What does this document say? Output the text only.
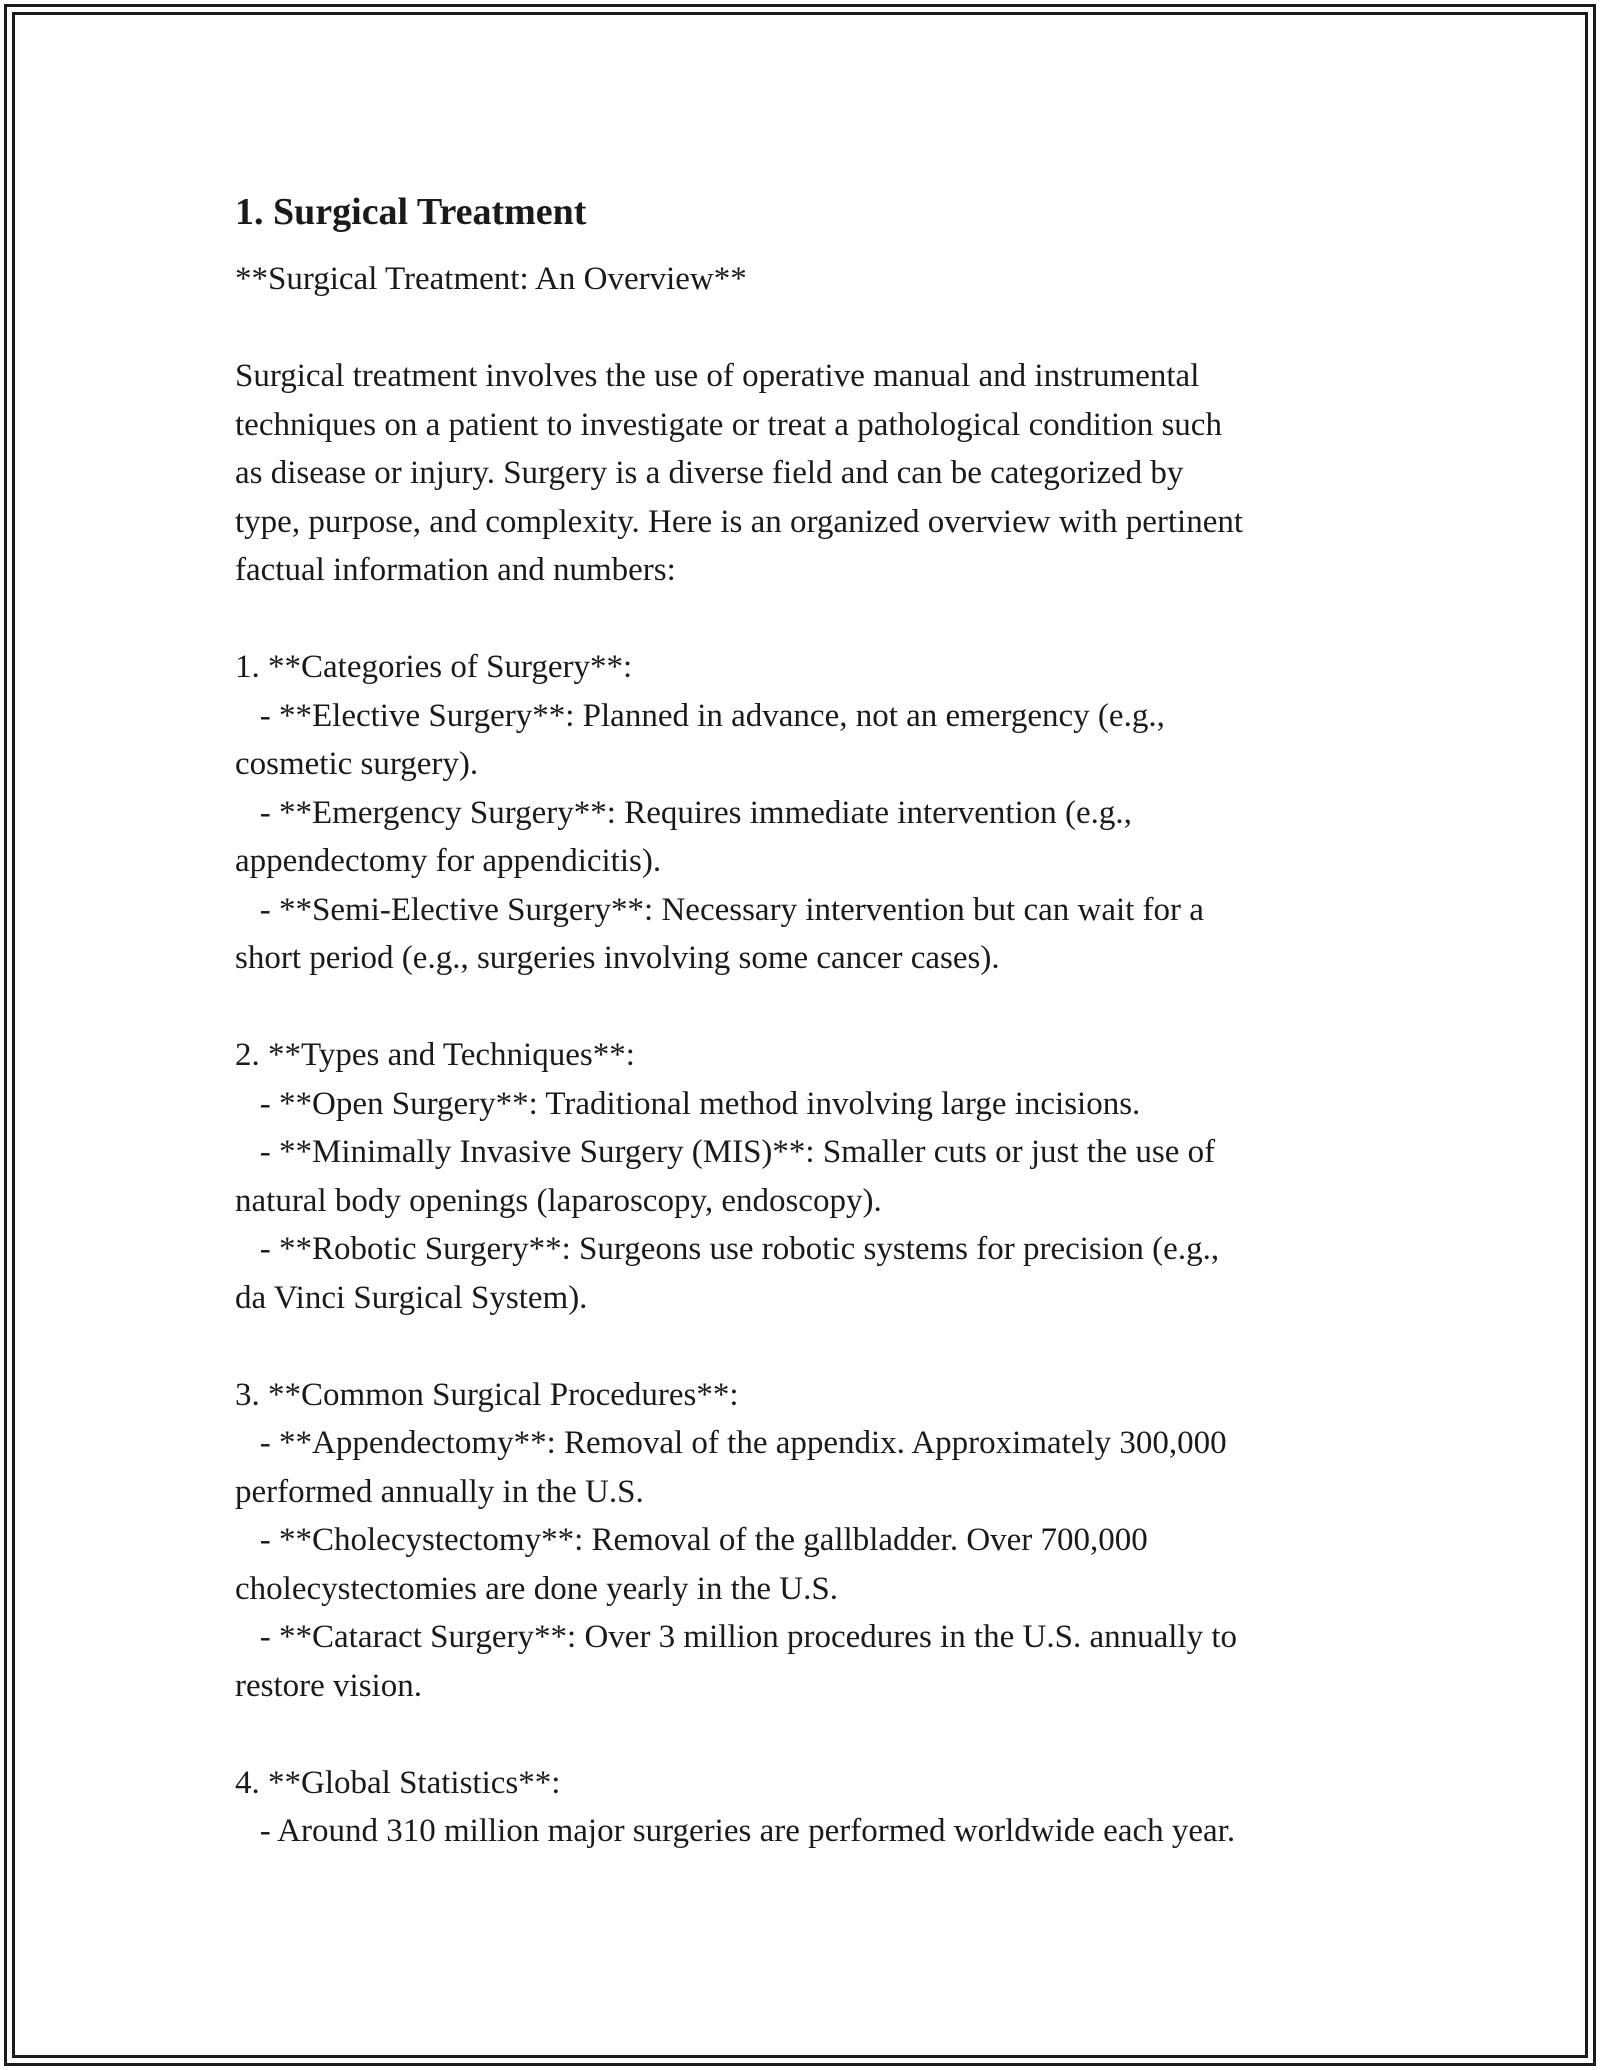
1. Surgical Treatment

**Surgical Treatment: An Overview**

Surgical treatment involves the use of operative manual and instrumental
techniques on a patient to investigate or treat a pathological condition such
as disease or injury. Surgery is a diverse field and can be categorized by
type, purpose, and complexity. Here is an organized overview with pertinent
factual information and numbers:

1. **Categories of Surgery**:
- **Elective Surgery**: Planned in advance, not an emergency (e.g.,
cosmetic surgery).
- **Emergency Surgery**: Requires immediate intervention (e.g.,
appendectomy for appendicitis).
- **Semi-Elective Surgery**: Necessary intervention but can wait for a
short period (e.g., surgeries involving some cancer cases).

2. **Types and Techniques**:
- **Open Surgery**: Traditional method involving large incisions.
- **Minimally Invasive Surgery (MIS)**: Smaller cuts or just the use of
natural body openings (laparoscopy, endoscopy).
- **Robotic Surgery**: Surgeons use robotic systems for precision (e.g.,
da Vinci Surgical System).

3. **Common Surgical Procedures**:
- **Appendectomy**: Removal of the appendix. Approximately 300,000
performed annually in the U.S.
- **Cholecystectomy**: Removal of the gallbladder. Over 700,000
cholecystectomies are done yearly in the U.S.
- **Cataract Surgery**: Over 3 million procedures in the U.S. annually to
restore vision.

4. **Global Statistics**:
- Around 310 million major surgeries are performed worldwide each year.
